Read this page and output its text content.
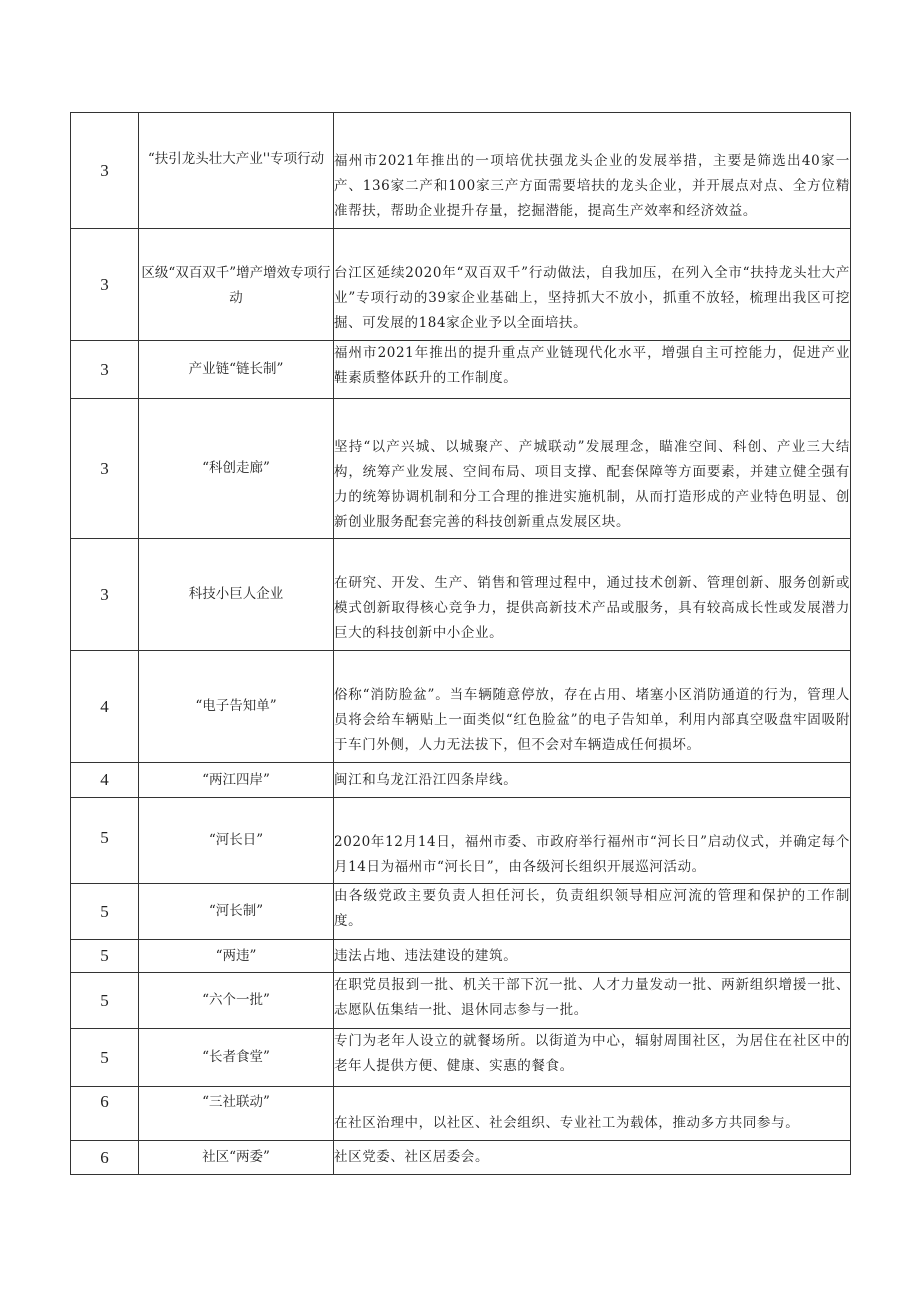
3	“扶引龙头壮大产业''专项行动	福州市2021年推出的一项培优扶强龙头企业的发展举措，主要是筛选出40家一产、136家二产和100家三产方面需要培扶的龙头企业，并开展点对点、全方位精准帮扶，帮助企业提升存量，挖掘潜能，提高生产效率和经济效益。
3	区级“双百双千”增产增效专项行动	台江区延续2020年“双百双千”行动做法，自我加压，在列入全市“扶持龙头壮大产业”专项行动的39家企业基础上，坚持抓大不放小，抓重不放轻，梳理出我区可挖掘、可发展的184家企业予以全面培扶。
3	产业链“链长制”	福州市2021年推出的提升重点产业链现代化水平，增强自主可控能力，促进产业鞋素质整体跃升的工作制度。
3	“科创走廊”	坚持“以产兴城、以城聚产、产城联动”发展理念，瞄准空间、科创、产业三大结构，统筹产业发展、空间布局、项目支撑、配套保障等方面要素，并建立健全强有力的统筹协调机制和分工合理的推进实施机制，从而打造形成的产业特色明显、创新创业服务配套完善的科技创新重点发展区块。
3	科技小巨人企业	在研究、开发、生产、销售和管理过程中，通过技术创新、管理创新、服务创新或模式创新取得核心竞争力，提供高新技术产品或服务，具有较高成长性或发展潜力巨大的科技创新中小企业。
4	“电子告知单”	俗称“消防脸盆”。当车辆随意停放，存在占用、堵塞小区消防通道的行为，管理人员将会给车辆贴上一面类似“红色脸盆”的电子告知单，利用内部真空吸盘牢固吸附于车门外侧，人力无法拔下，但不会对车辆造成任何损坏。
4	“两江四岸”	闽江和乌龙江沿江四条岸线。
5	“河长日”	2020年12月14日，福州市委、市政府举行福州市“河长日”启动仪式，并确定每个月14日为福州市“河长日”，由各级河长组织开展巡河活动。
5	“河长制”	由各级党政主要负责人担任河长，负责组织领导相应河流的管理和保护的工作制度。
5	“两违”	违法占地、违法建设的建筑。
5	“六个一批”	在职党员报到一批、机关干部下沉一批、人才力量发动一批、两新组织增援一批、志愿队伍集结一批、退休同志参与一批。
5	“长者食堂”	专门为老年人设立的就餐场所。以街道为中心，辐射周围社区，为居住在社区中的老年人提供方便、健康、实惠的餐食。
6	“三社联动”	在社区治理中，以社区、社会组织、专业社工为载体，推动多方共同参与。
6	社区“两委”	社区党委、社区居委会。
